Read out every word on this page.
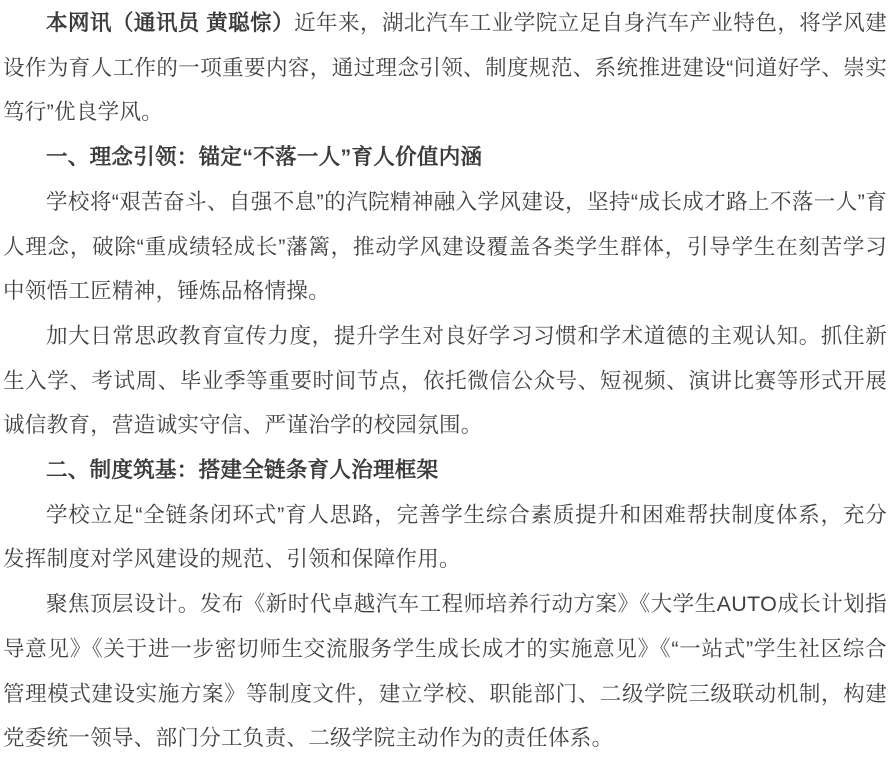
本网讯（通讯员 黄聪悰）近年来，湖北汽车工业学院立足自身汽车产业特色，将学风建设作为育人工作的一项重要内容，通过理念引领、制度规范、系统推进建设“问道好学、崇实笃行”优良学风。

一、理念引领：锚定“不落一人”育人价值内涵

学校将“艰苦奋斗、自强不息”的汽院精神融入学风建设，坚持“成长成才路上不落一人”育人理念，破除“重成绩轻成长”藩篱，推动学风建设覆盖各类学生群体，引导学生在刻苦学习中领悟工匠精神，锤炼品格情操。

加大日常思政教育宣传力度，提升学生对良好学习习惯和学术道德的主观认知。抓住新生入学、考试周、毕业季等重要时间节点，依托微信公众号、短视频、演讲比赛等形式开展诚信教育，营造诚实守信、严谨治学的校园氛围。

二、制度筑基：搭建全链条育人治理框架

学校立足“全链条闭环式”育人思路，完善学生综合素质提升和困难帮扶制度体系，充分发挥制度对学风建设的规范、引领和保障作用。

聚焦顶层设计。发布《新时代卓越汽车工程师培养行动方案》《大学生AUTO成长计划指导意见》《关于进一步密切师生交流服务学生成长成才的实施意见》《“一站式”学生社区综合管理模式建设实施方案》等制度文件，建立学校、职能部门、二级学院三级联动机制，构建党委统一领导、部门分工负责、二级学院主动作为的责任体系。
